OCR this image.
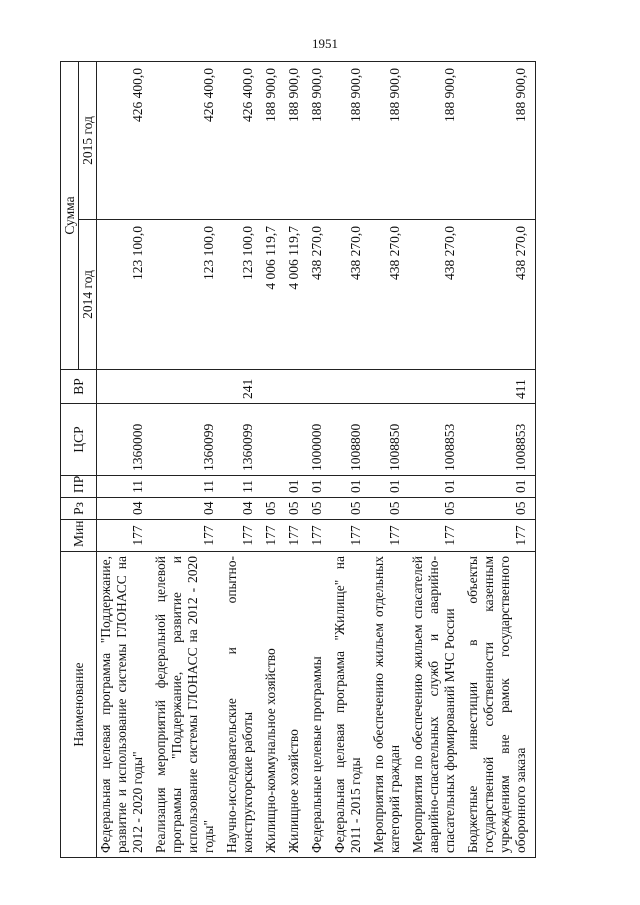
1951
Наименование	Мин	Рз	ПР	ЦСР	ВР	Сумма	
						2014 год	2015 год
Федеральная целевая программа "Поддержание, развитие и использование системы ГЛОНАСС на 2012 - 2020 годы"	177	04	11	1360000		123 100,0	426 400,0
Реализация мероприятий федеральной целевой программы "Поддержание, развитие и использование системы ГЛОНАСС на 2012 - 2020 годы"	177	04	11	1360099		123 100,0	426 400,0
Научно-исследовательские и опытно-конструкторские работы	177	04	11	1360099	241	123 100,0	426 400,0
Жилищно-коммунальное хозяйство	177	05				4 006 119,7	188 900,0
Жилищное хозяйство	177	05	01			4 006 119,7	188 900,0
Федеральные целевые программы	177	05	01	1000000		438 270,0	188 900,0
Федеральная целевая программа "Жилище" на 2011 - 2015 годы	177	05	01	1008800		438 270,0	188 900,0
Мероприятия по обеспечению жильем отдельных категорий граждан	177	05	01	1008850		438 270,0	188 900,0
Мероприятия по обеспечению жильем спасателей аварийно-спасательных служб и аварийно-спасательных формирований МЧС России	177	05	01	1008853		438 270,0	188 900,0
Бюджетные инвестиции в объекты государственной собственности казенным учреждениям вне рамок государственного оборонного заказа	177	05	01	1008853	411	438 270,0	188 900,0
